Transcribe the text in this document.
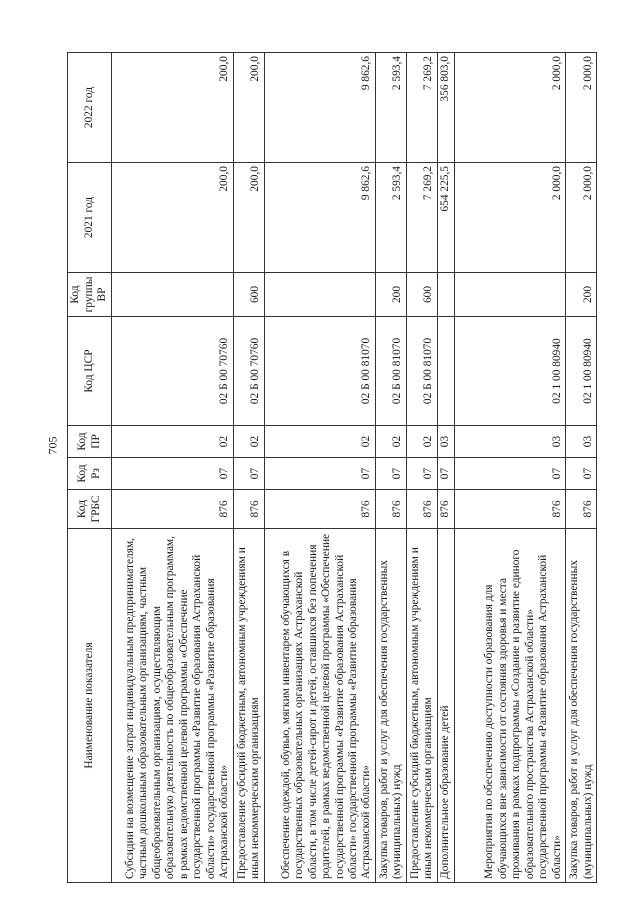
705
Наименование показателя	Код ГРБС	Код Рз	Код ПР	Код ЦСР	Код группы ВР	2021 год	2022 год
Субсидии на возмещение затрат индивидуальным предпринимателям, частным дошкольным образовательным организациям, частным общеобразовательным организациям, осуществляющим образовательную деятельность по общеобразовательным программам, в рамках ведомственной целевой программы «Обеспечение государственной программы «Развитие образования Астраханской области» государственной программы «Развитие образования Астраханской области»	876	07	02	02 Б 00 70760		200,0	200,0
Предоставление субсидий бюджетным, автономным учреждениям и иным некоммерческим организациям	876	07	02	02 Б 00 70760	600	200,0	200,0
Обеспечение одеждой, обувью, мягким инвентарем обучающихся в государственных образовательных организациях Астраханской области, в том числе детей-сирот и детей, оставшихся без попечения родителей, в рамках ведомственной целевой программы «Обеспечение государственной программы «Развитие образования Астраханской области» государственной программы «Развитие образования Астраханской области»	876	07	02	02 Б 00 81070		9 862,6	9 862,6
Закупка товаров, работ и услуг для обеспечения государственных (муниципальных) нужд	876	07	02	02 Б 00 81070	200	2 593,4	2 593,4
Предоставление субсидий бюджетным, автономным учреждениям и иным некоммерческим организациям	876	07	02	02 Б 00 81070	600	7 269,2	7 269,2
Дополнительное образование детей	876	07	03			654 225,5	356 803,0
Мероприятия по обеспечению доступности образования для обучающихся вне зависимости от состояния здоровья и места проживания в рамках подпрограммы «Создание и развитие единого образовательного пространства Астраханской области» государственной программы «Развитие образования Астраханской области»	876	07	03	02 1 00 80940		2 000,0	2 000,0
Закупка товаров, работ и услуг для обеспечения государственных (муниципальных) нужд	876	07	03	02 1 00 80940	200	2 000,0	2 000,0
